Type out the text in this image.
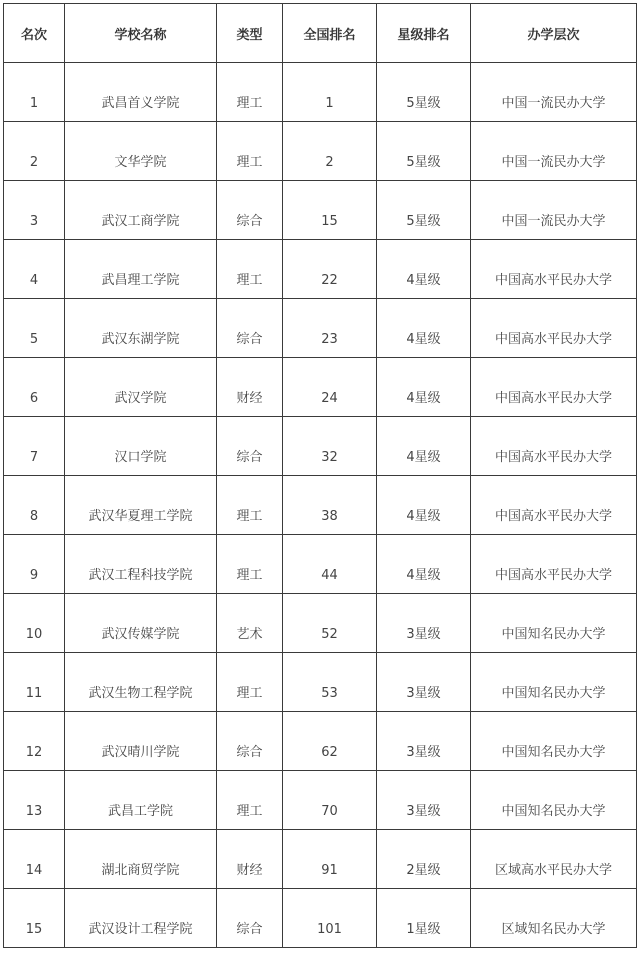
名次	学校名称	类型	全国排名	星级排名	办学层次
1	武昌首义学院	理工	1	5星级	中国一流民办大学
2	文华学院	理工	2	5星级	中国一流民办大学
3	武汉工商学院	综合	15	5星级	中国一流民办大学
4	武昌理工学院	理工	22	4星级	中国高水平民办大学
5	武汉东湖学院	综合	23	4星级	中国高水平民办大学
6	武汉学院	财经	24	4星级	中国高水平民办大学
7	汉口学院	综合	32	4星级	中国高水平民办大学
8	武汉华夏理工学院	理工	38	4星级	中国高水平民办大学
9	武汉工程科技学院	理工	44	4星级	中国高水平民办大学
10	武汉传媒学院	艺术	52	3星级	中国知名民办大学
11	武汉生物工程学院	理工	53	3星级	中国知名民办大学
12	武汉晴川学院	综合	62	3星级	中国知名民办大学
13	武昌工学院	理工	70	3星级	中国知名民办大学
14	湖北商贸学院	财经	91	2星级	区域高水平民办大学
15	武汉设计工程学院	综合	101	1星级	区域知名民办大学
